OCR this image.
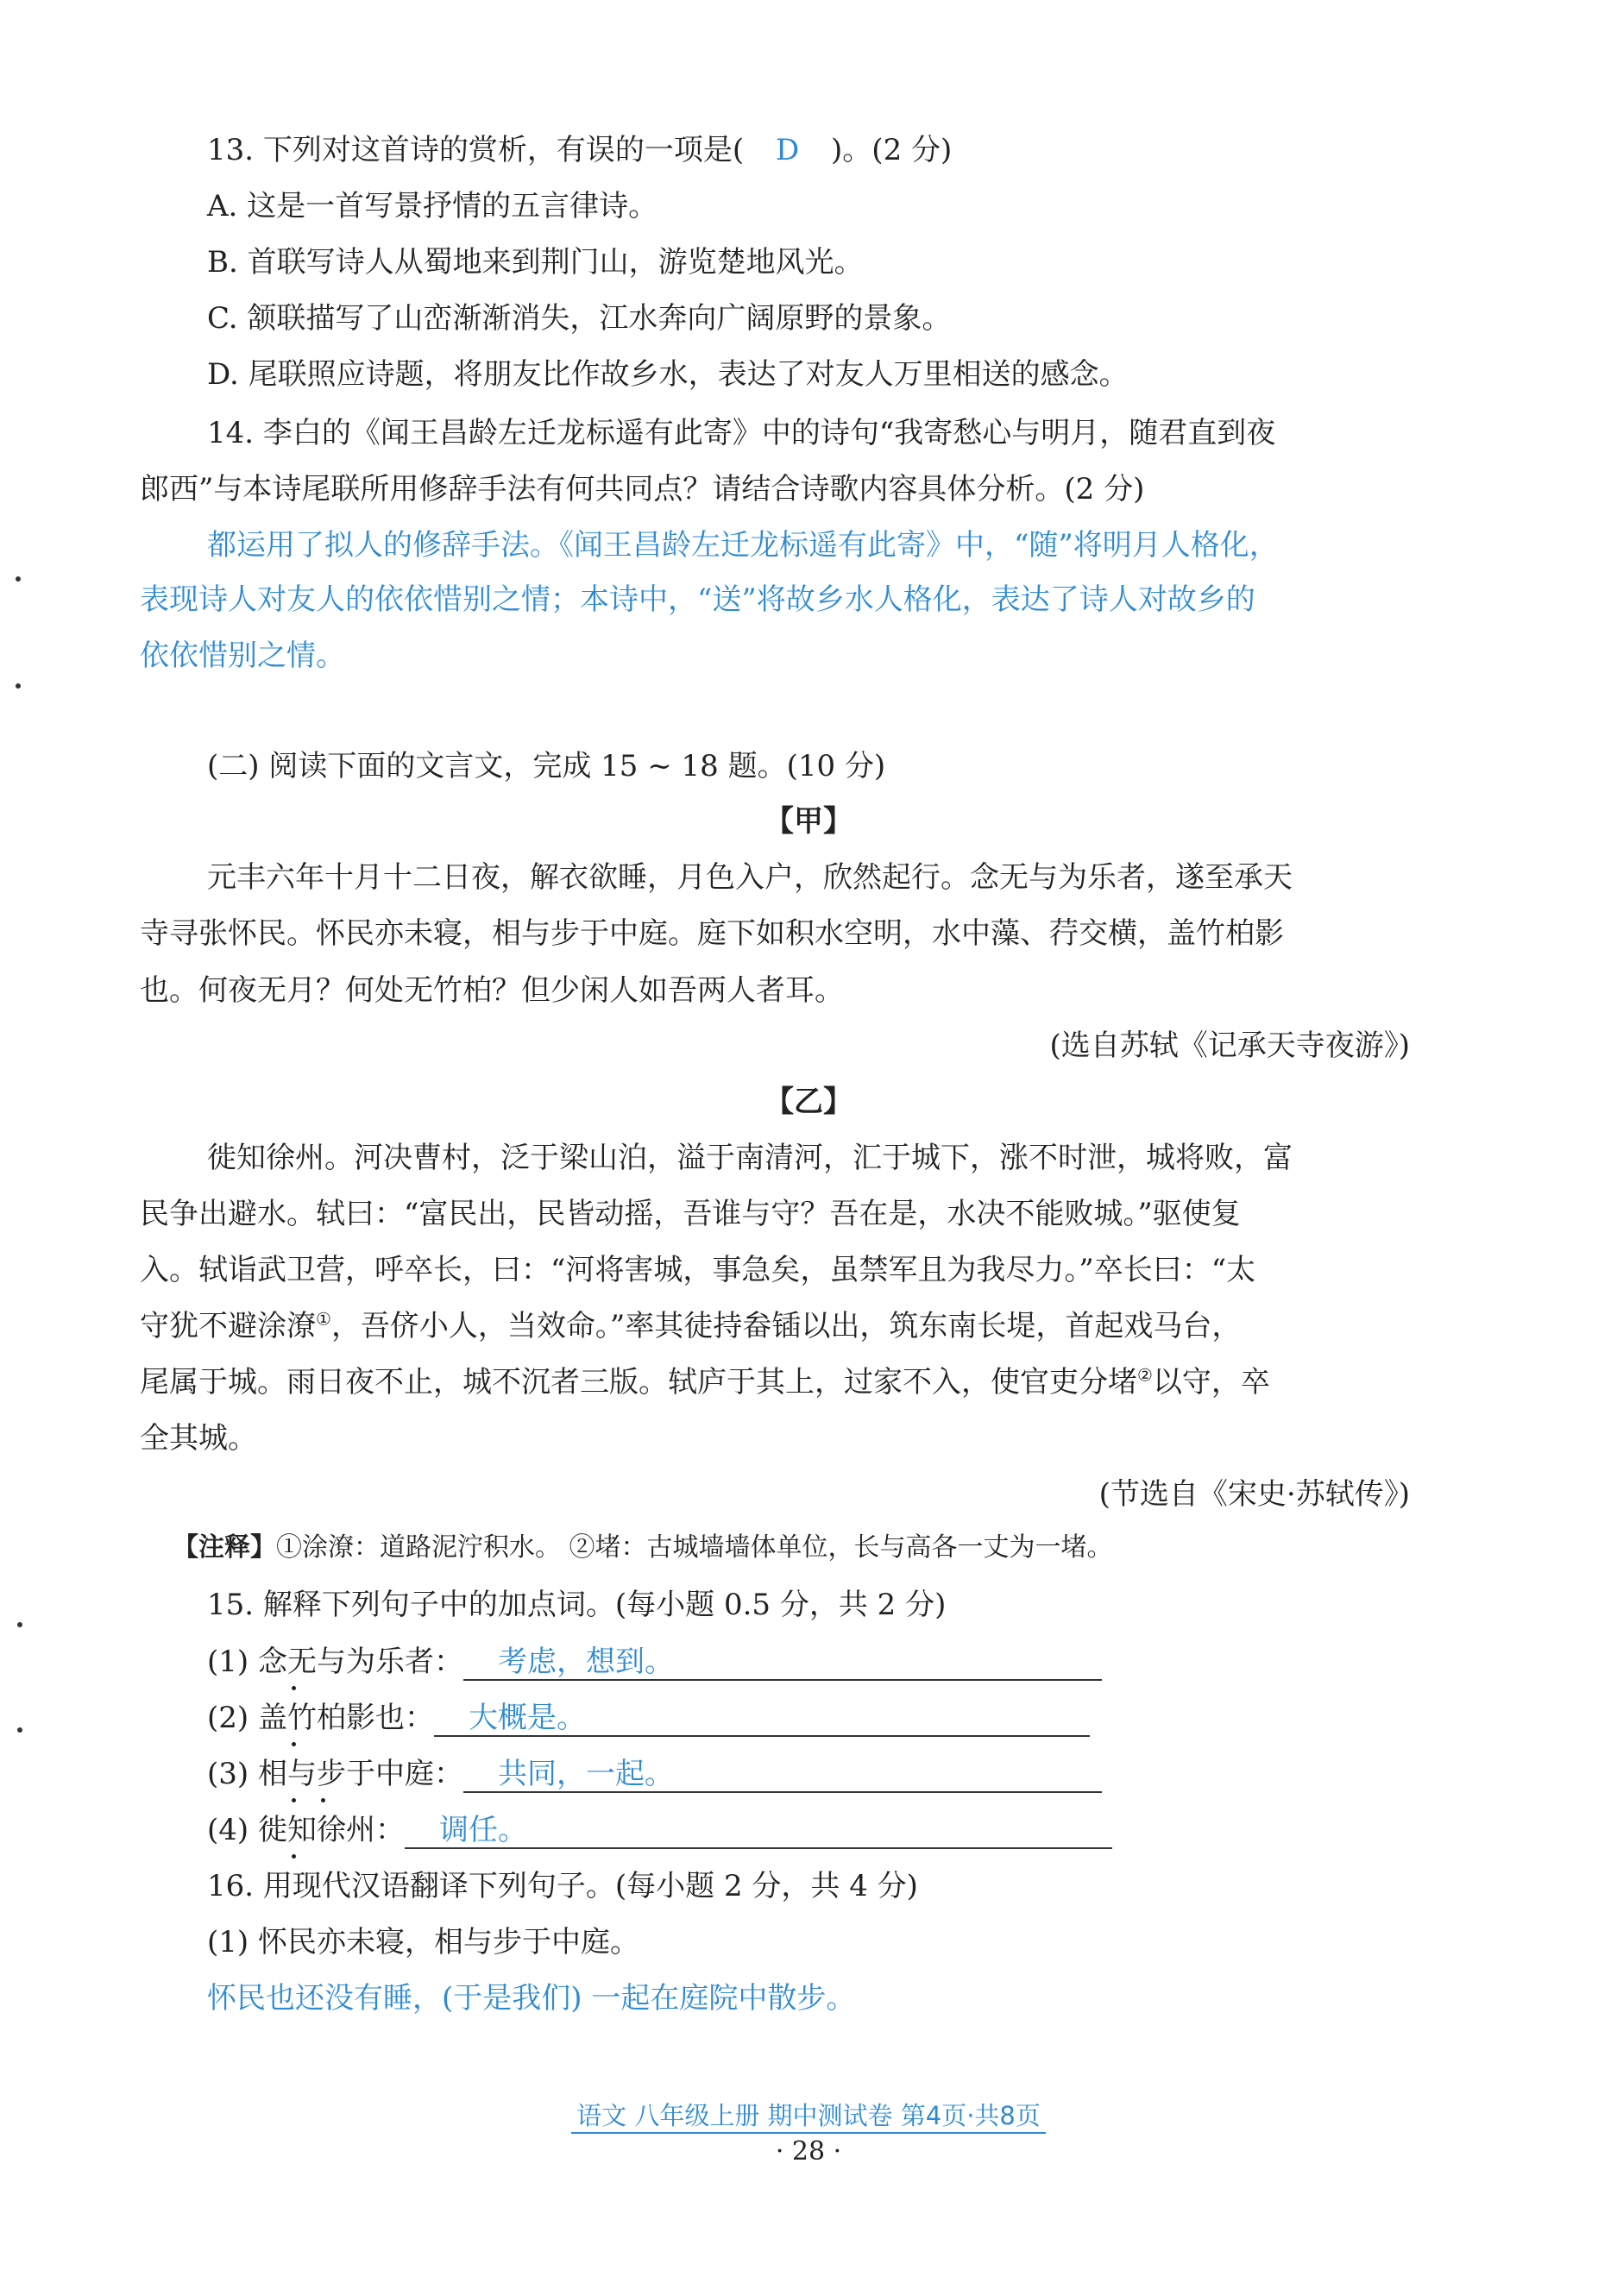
13. 下列对这首诗的赏析，有误的一项是( D )。(2 分)
A. 这是一首写景抒情的五言律诗。
B. 首联写诗人从蜀地来到荆门山，游览楚地风光。
C. 颔联描写了山峦渐渐消失，江水奔向广阔原野的景象。
D. 尾联照应诗题，将朋友比作故乡水，表达了对友人万里相送的感念。
14. 李白的《闻王昌龄左迁龙标遥有此寄》中的诗句“我寄愁心与明月，随君直到夜
郎西”与本诗尾联所用修辞手法有何共同点？请结合诗歌内容具体分析。(2 分)
都运用了拟人的修辞手法。《闻王昌龄左迁龙标遥有此寄》中，“随”将明月人格化，
表现诗人对友人的依依惜别之情；本诗中，“送”将故乡水人格化，表达了诗人对故乡的
依依惜别之情。
(二) 阅读下面的文言文，完成 15 ~ 18 题。(10 分)
【甲】
元丰六年十月十二日夜，解衣欲睡，月色入户，欣然起行。念无与为乐者，遂至承天
寺寻张怀民。怀民亦未寝，相与步于中庭。庭下如积水空明，水中藻、荇交横，盖竹柏影
也。何夜无月？何处无竹柏？但少闲人如吾两人者耳。
(选自苏轼《记承天寺夜游》)
【乙】
徙知徐州。河决曹村，泛于梁山泊，溢于南清河，汇于城下，涨不时泄，城将败，富
民争出避水。轼曰：“富民出，民皆动摇，吾谁与守？吾在是，水决不能败城。”驱使复
入。轼诣武卫营，呼卒长，曰：“河将害城，事急矣，虽禁军且为我尽力。”卒长曰：“太
守犹不避涂潦①，吾侪小人，当效命。”率其徒持畚锸以出，筑东南长堤，首起戏马台，
尾属于城。雨日夜不止，城不沉者三版。轼庐于其上，过家不入，使官吏分堵②以守，卒
全其城。
(节选自《宋史·苏轼传》)
【注释】①涂潦：道路泥泞积水。 ②堵：古城墙墙体单位，长与高各一丈为一堵。
15. 解释下列句子中的加点词。(每小题 0.5 分，共 2 分)
(1) 念无与为乐者： 考虑，想到。
(2) 盖竹柏影也： 大概是。
(3) 相与步于中庭： 共同，一起。
(4) 徙知徐州： 调任。
16. 用现代汉语翻译下列句子。(每小题 2 分，共 4 分)
(1) 怀民亦未寝，相与步于中庭。
怀民也还没有睡，(于是我们) 一起在庭院中散步。
语文 八年级上册 期中测试卷 第4页·共8页
· 28 ·
